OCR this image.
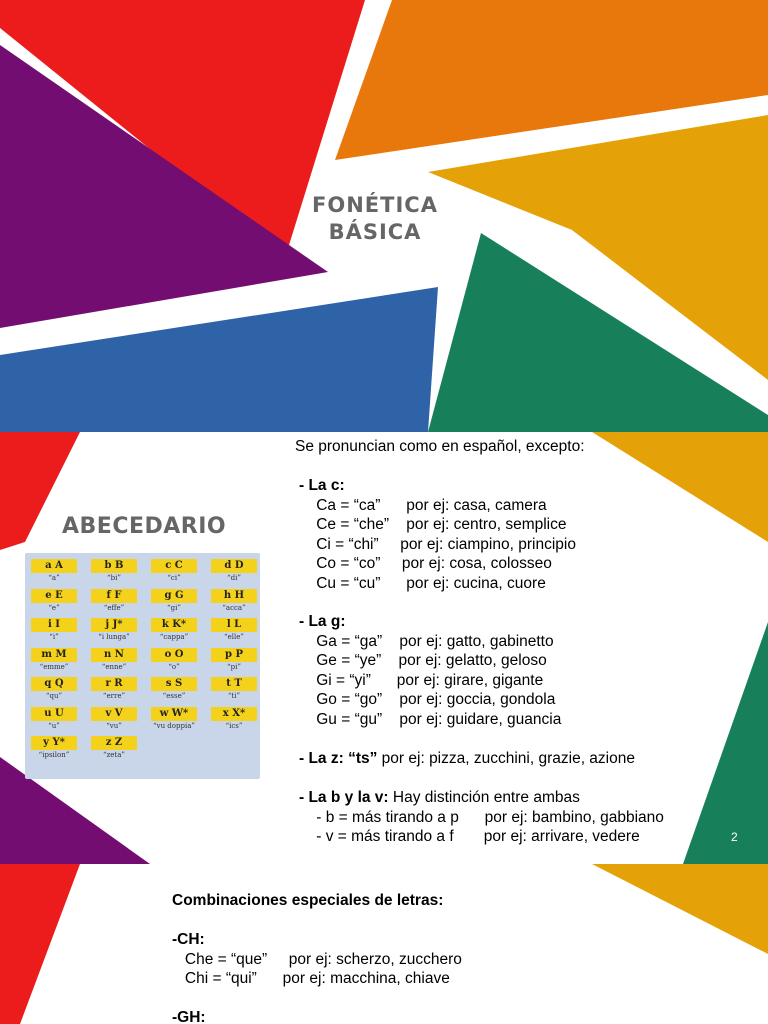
FONÉTICA
BÁSICA
ABECEDARIO
a A
“a”
b B
“bi”
c C
“ci”
d D
“di”
e E
“e”
f F
“effe”
g G
“gi”
h H
“acca”
i I
“i”
j J*
“i lunga”
k K*
“cappa”
l L
“elle”
m M
“emme”
n N
“enne”
o O
“o”
p P
“pi”
q Q
“qu”
r R
“erre”
s S
“esse”
t T
“ti”
u U
“u”
v V
“vu”
w W*
“vu doppia”
x X*
“ics”
y Y*
“ipsilon”
z Z
“zeta”
Se pronuncian como en español, excepto:
- La c:
Ca = “ca”      por ej: casa, camera
Ce = “che”    por ej: centro, semplice
Ci = “chi”     por ej: ciampino, principio
Co = “co”     por ej: cosa, colosseo
Cu = “cu”      por ej: cucina, cuore
- La g:
Ga = “ga”    por ej: gatto, gabinetto
Ge = “ye”    por ej: gelatto, geloso
Gi = “yi”      por ej: girare, gigante
Go = “go”    por ej: goccia, gondola
Gu = “gu”    por ej: guidare, guancia
- La z: “ts” por ej: pizza, zucchini, grazie, azione
- La b y la v: Hay distinción entre ambas
- b = más tirando a p      por ej: bambino, gabbiano
- v = más tirando a f       por ej: arrivare, vedere	2
Combinaciones especiales de letras:
-CH:
Che = “que”     por ej: scherzo, zucchero
Chi = “qui”      por ej: macchina, chiave
-GH:
